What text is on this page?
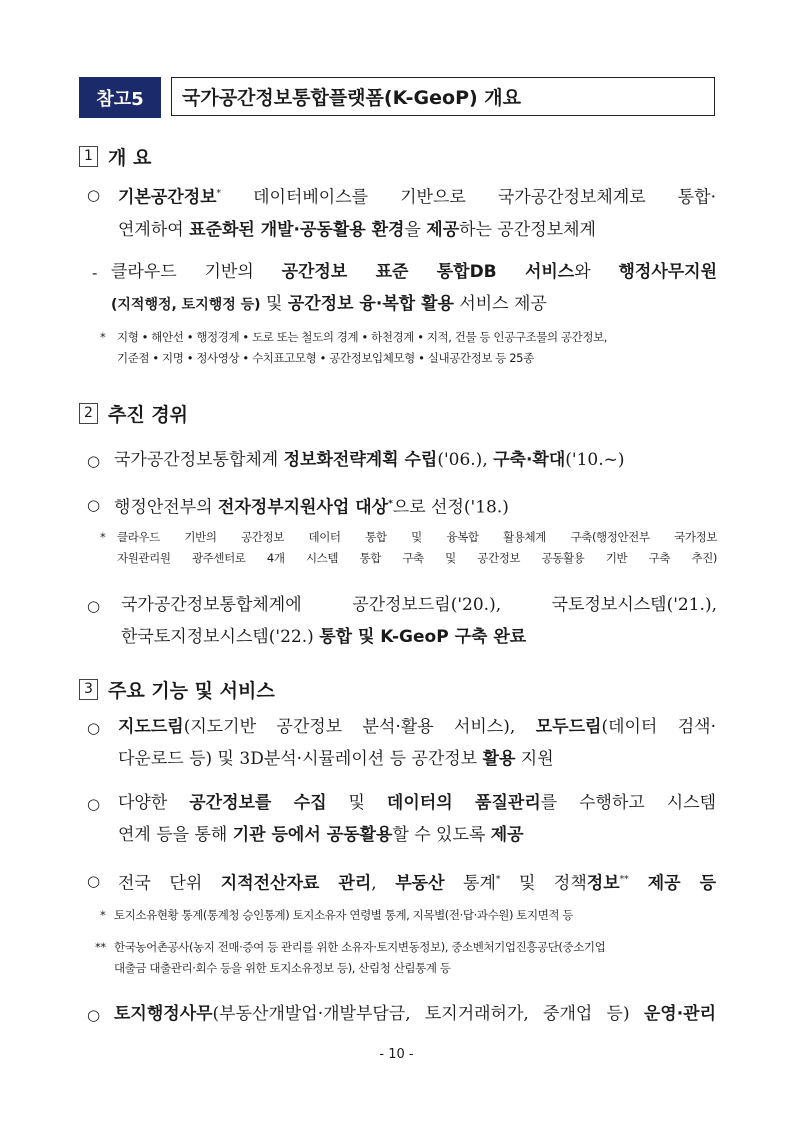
참고5	국가공간정보통합플랫폼(K-GeoP) 개요
1 개 요
○ 기본공간정보* 데이터베이스를 기반으로 국가공간정보체계로 통합·
연계하여 표준화된 개발·공동활용 환경을 제공하는 공간정보체계
- 클라우드 기반의 공간정보 표준 통합DB 서비스와 행정사무지원
(지적행정, 토지행정 등) 및 공간정보 융·복합 활용 서비스 제공
* 지형 • 해안선 • 행정경계 • 도로 또는 철도의 경계 • 하천경계 • 지적, 건물 등 인공구조물의 공간정보,
기준점 • 지명 • 정사영상 • 수치표고모형 • 공간정보입체모형 • 실내공간정보 등 25종
2 추진 경위
○ 국가공간정보통합체계 정보화전략계획 수립('06.), 구축·확대('10.~)
○ 행정안전부의 전자정부지원사업 대상*으로 선정('18.)
* 클라우드 기반의 공간정보 데이터 통합 및 융복합 활용체계 구축(행정안전부 국가정보
자원관리원 광주센터로 4개 시스템 통합 구축 및 공간정보 공동활용 기반 구축 추진)
○ 국가공간정보통합체계에 공간정보드림('20.), 국토정보시스템('21.),
한국토지정보시스템('22.) 통합 및 K-GeoP 구축 완료
3 주요 기능 및 서비스
○ 지도드림(지도기반 공간정보 분석·활용 서비스), 모두드림(데이터 검색·
다운로드 등) 및 3D분석·시뮬레이션 등 공간정보 활용 지원
○ 다양한 공간정보를 수집 및 데이터의 품질관리를 수행하고 시스템
연계 등을 통해 기관 등에서 공동활용할 수 있도록 제공
○ 전국 단위 지적전산자료 관리, 부동산 통계* 및 정책정보** 제공 등
* 토지소유현황 통계(통계청 승인통계) 토지소유자 연령별 통계, 지목별(전·답·과수원) 토지면적 등
** 한국농어촌공사(농지 전매·증여 등 관리를 위한 소유자·토지변동정보), 중소벤처기업진흥공단(중소기업
대출금 대출관리·회수 등을 위한 토지소유정보 등), 산림청 산림통계 등
○ 토지행정사무(부동산개발업·개발부담금, 토지거래허가, 중개업 등) 운영·관리
- 10 -
